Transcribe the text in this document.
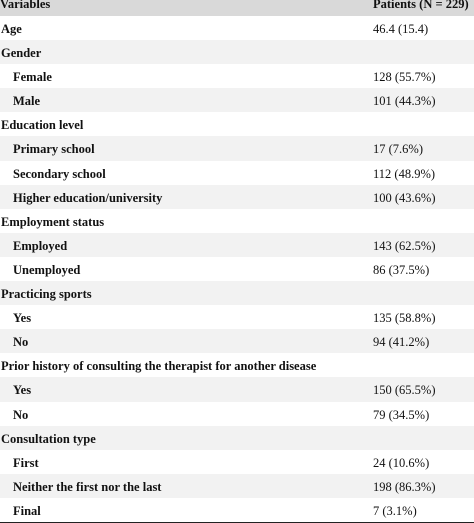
Variables	Patients (N = 229)
Age	46.4 (15.4)
Gender
Female	128 (55.7%)
Male	101 (44.3%)
Education level
Primary school	17 (7.6%)
Secondary school	112 (48.9%)
Higher education/university	100 (43.6%)
Employment status
Employed	143 (62.5%)
Unemployed	86 (37.5%)
Practicing sports
Yes	135 (58.8%)
No	94 (41.2%)
Prior history of consulting the therapist for another disease
Yes	150 (65.5%)
No	79 (34.5%)
Consultation type
First	24 (10.6%)
Neither the first nor the last	198 (86.3%)
Final	7 (3.1%)
